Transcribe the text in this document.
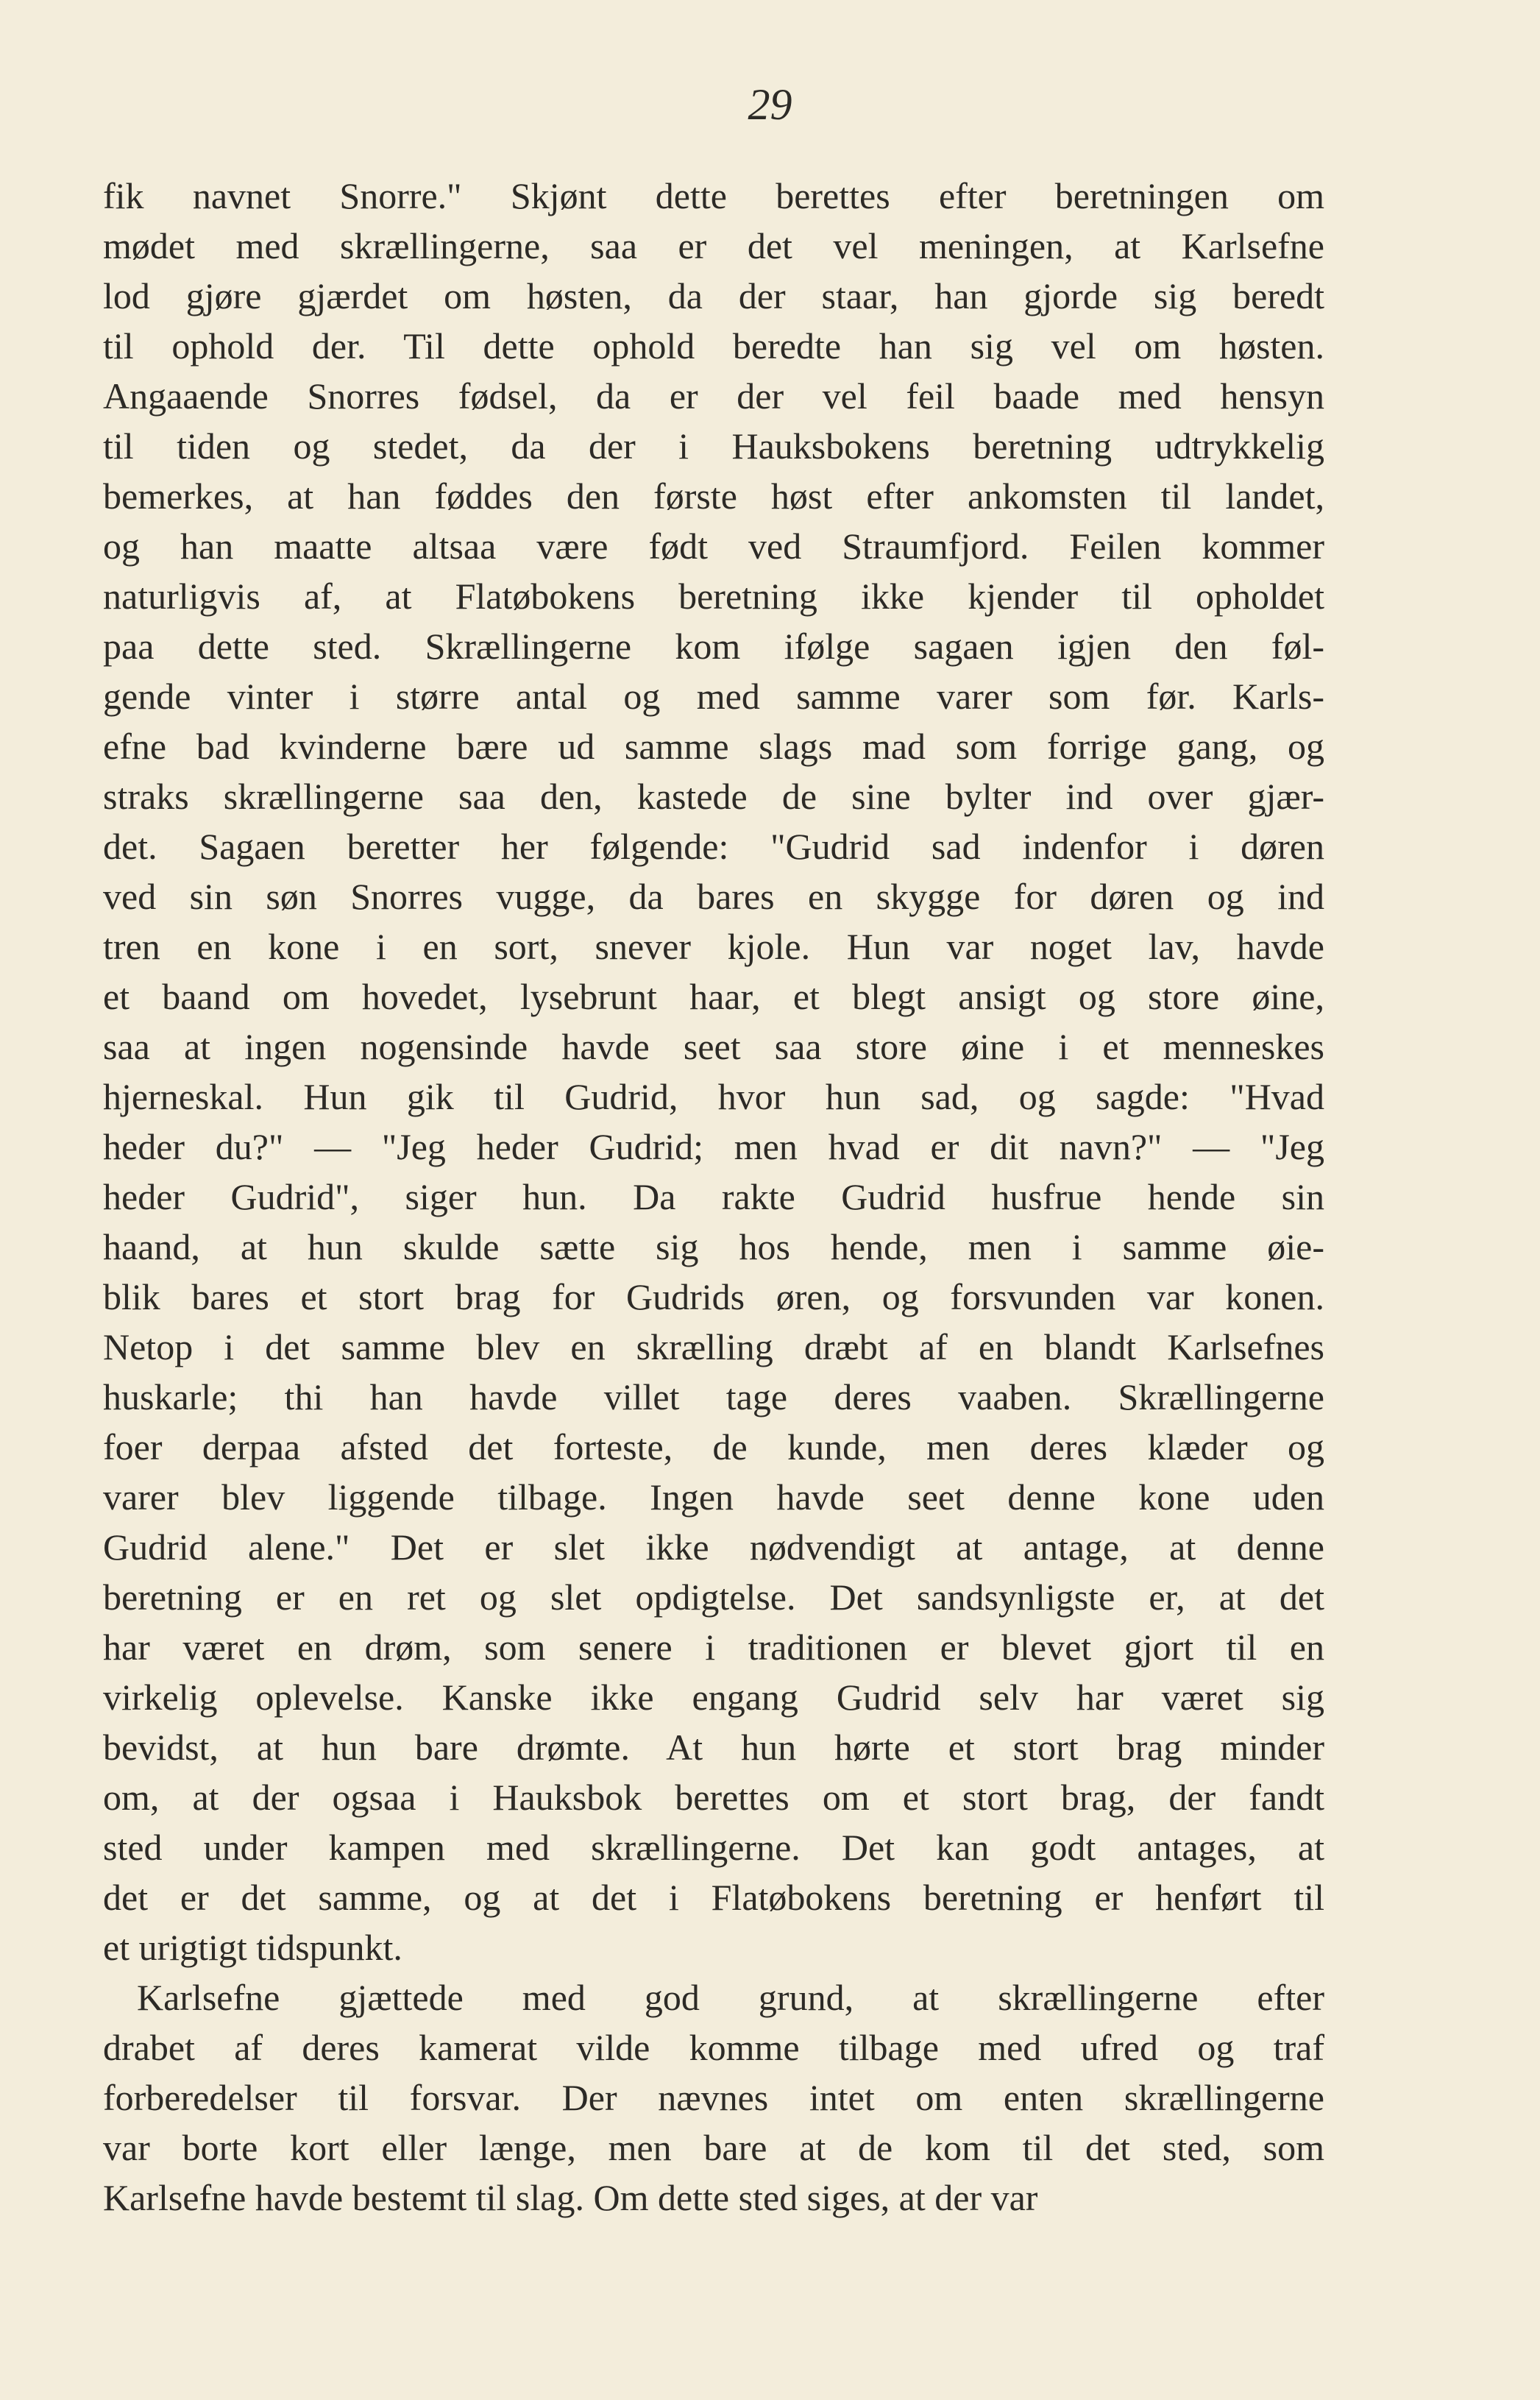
29
fik navnet Snorre." Skjønt dette berettes efter beretningen om
mødet med skrællingerne, saa er det vel meningen, at Karlsefne
lod gjøre gjærdet om høsten, da der staar, han gjorde sig beredt
til ophold der. Til dette ophold beredte han sig vel om høsten.
Angaaende Snorres fødsel, da er der vel feil baade med hensyn
til tiden og stedet, da der i Hauksbokens beretning udtrykkelig
bemerkes, at han føddes den første høst efter ankomsten til landet,
og han maatte altsaa være født ved Straumfjord. Feilen kommer
naturligvis af, at Flatøbokens beretning ikke kjender til opholdet
paa dette sted. Skrællingerne kom ifølge sagaen igjen den føl-
gende vinter i større antal og med samme varer som før. Karls-
efne bad kvinderne bære ud samme slags mad som forrige gang, og
straks skrællingerne saa den, kastede de sine bylter ind over gjær-
det. Sagaen beretter her følgende: "Gudrid sad indenfor i døren
ved sin søn Snorres vugge, da bares en skygge for døren og ind
tren en kone i en sort, snever kjole. Hun var noget lav, havde
et baand om hovedet, lysebrunt haar, et blegt ansigt og store øine,
saa at ingen nogensinde havde seet saa store øine i et menneskes
hjerneskal. Hun gik til Gudrid, hvor hun sad, og sagde: "Hvad
heder du?" — "Jeg heder Gudrid; men hvad er dit navn?" — "Jeg
heder Gudrid", siger hun. Da rakte Gudrid husfrue hende sin
haand, at hun skulde sætte sig hos hende, men i samme øie-
blik bares et stort brag for Gudrids øren, og forsvunden var konen.
Netop i det samme blev en skrælling dræbt af en blandt Karlsefnes
huskarle; thi han havde villet tage deres vaaben. Skrællingerne
foer derpaa afsted det forteste, de kunde, men deres klæder og
varer blev liggende tilbage. Ingen havde seet denne kone uden
Gudrid alene." Det er slet ikke nødvendigt at antage, at denne
beretning er en ret og slet opdigtelse. Det sandsynligste er, at det
har været en drøm, som senere i traditionen er blevet gjort til en
virkelig oplevelse. Kanske ikke engang Gudrid selv har været sig
bevidst, at hun bare drømte. At hun hørte et stort brag minder
om, at der ogsaa i Hauksbok berettes om et stort brag, der fandt
sted under kampen med skrællingerne. Det kan godt antages, at
det er det samme, og at det i Flatøbokens beretning er henført til
et urigtigt tidspunkt.
Karlsefne gjættede med god grund, at skrællingerne efter
drabet af deres kamerat vilde komme tilbage med ufred og traf
forberedelser til forsvar. Der nævnes intet om enten skrællingerne
var borte kort eller længe, men bare at de kom til det sted, som
Karlsefne havde bestemt til slag. Om dette sted siges, at der var
